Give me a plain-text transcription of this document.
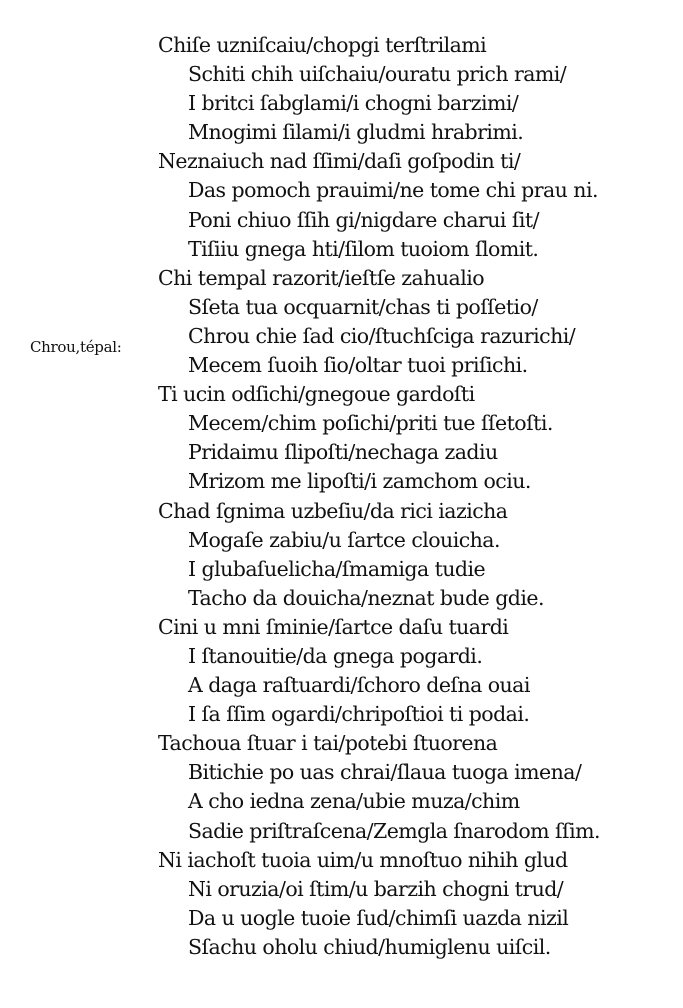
Chrou,tépal:
Chiſe uzniſcaiu/chopgi terſtrilami
Schiti chih uiſchaiu/ouratu prich rami/
I britci ſabglami/i chogni barzimi/
Mnogimi ſilami/i gludmi hrabrimi.
Neznaiuch nad ſſimi/daſi goſpodin ti/
Das pomoch prauimi/ne tome chi prau ni.
Poni chiuo ſſih gi/nigdare charui ſit/
Tiſiiu gnega hti/ſilom tuoiom ſlomit.
Chi tempal razorit/ieſtſe zahualio
Sſeta tua ocquarnit/chas ti poſſetio/
Chrou chie ſad cio/ſtuchſciga razurichi/
Mecem ſuoih ſio/oltar tuoi priſichi.
Ti ucin odſichi/gnegoue gardoſti
Mecem/chim poſichi/priti tue ſſetoſti.
Pridaimu ſlipoſti/nechaga zadiu
Mrizom me lipoſti/i zamchom ociu.
Chad ſgnima uzbeſiu/da rici iazicha
Mogaſe zabiu/u ſartce clouicha.
I glubaſuelicha/ſmamiga tudie
Tacho da douicha/neznat bude gdie.
Cini u mni ſminie/ſartce daſu tuardi
I ſtanouitie/da gnega pogardi.
A daga raſtuardi/ſchoro deſna ouai
I ſa ſſim ogardi/chripoſtioi ti podai.
Tachoua ſtuar i tai/potebi ſtuorena
Bitichie po uas chrai/ſlaua tuoga imena/
A cho iedna zena/ubie muza/chim
Sadie priſtraſcena/Zemgla ſnarodom ſſim.
Ni iachoſt tuoia uim/u mnoſtuo nihih glud
Ni oruzia/oi ſtim/u barzih chogni trud/
Da u uogle tuoie ſud/chimſi uazda nizil
Sſachu oholu chiud/humiglenu uiſcil.
